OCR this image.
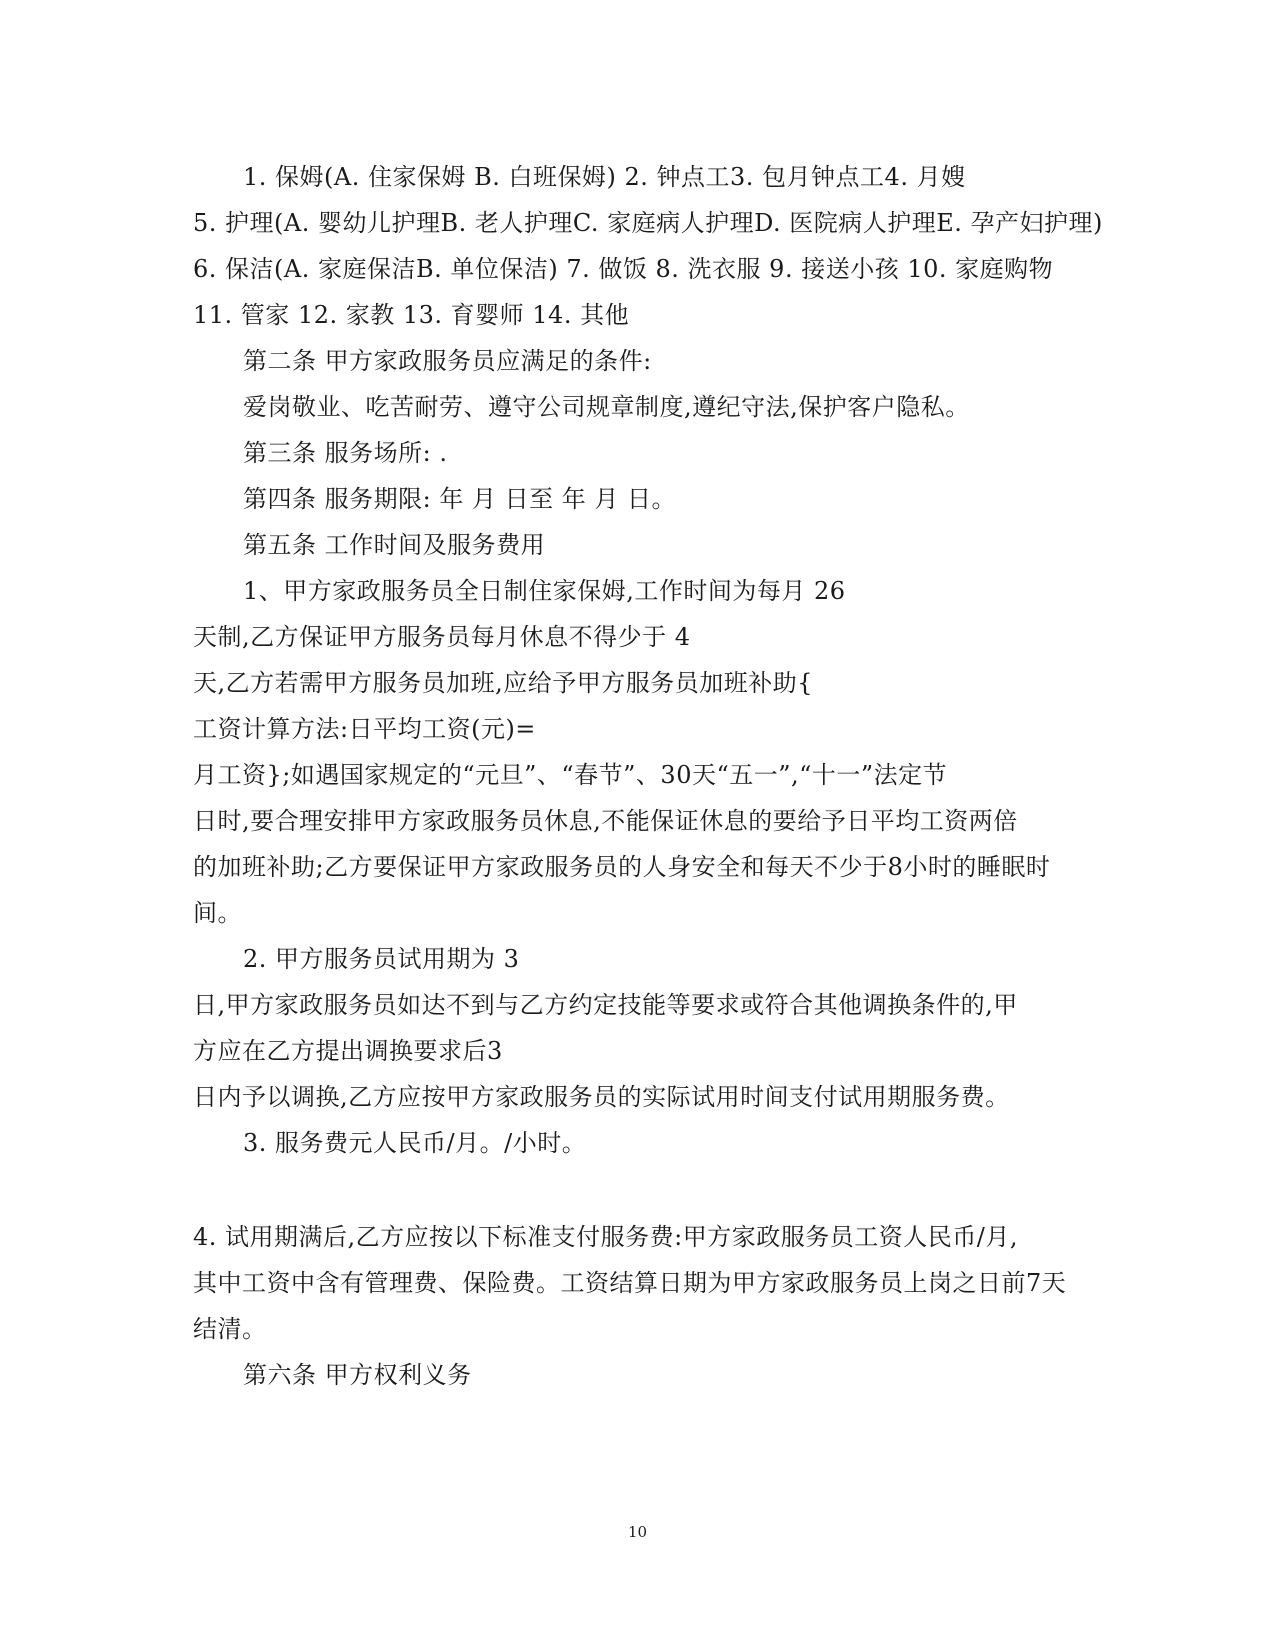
1. 保姆(A. 住家保姆 B. 白班保姆) 2. 钟点工3. 包月钟点工4. 月嫂
5. 护理(A. 婴幼儿护理B. 老人护理C. 家庭病人护理D. 医院病人护理E. 孕产妇护理)
6. 保洁(A. 家庭保洁B. 单位保洁) 7. 做饭 8. 洗衣服 9. 接送小孩 10. 家庭购物
11. 管家 12. 家教 13. 育婴师 14. 其他
第二条 甲方家政服务员应满足的条件:
爱岗敬业、吃苦耐劳、遵守公司规章制度,遵纪守法,保护客户隐私。
第三条 服务场所: .
第四条 服务期限: 年 月 日至 年 月 日。
第五条 工作时间及服务费用
1、甲方家政服务员全日制住家保姆,工作时间为每月 26
天制,乙方保证甲方服务员每月休息不得少于 4
天,乙方若需甲方服务员加班,应给予甲方服务员加班补助{
工资计算方法:日平均工资(元)=
月工资};如遇国家规定的“元旦”、“春节”、30天“五一”,“十一”法定节
日时,要合理安排甲方家政服务员休息,不能保证休息的要给予日平均工资两倍
的加班补助;乙方要保证甲方家政服务员的人身安全和每天不少于8小时的睡眠时
间。
2. 甲方服务员试用期为 3
日,甲方家政服务员如达不到与乙方约定技能等要求或符合其他调换条件的,甲
方应在乙方提出调换要求后3
日内予以调换,乙方应按甲方家政服务员的实际试用时间支付试用期服务费。
3. 服务费元人民币/月。/小时。
4. 试用期满后,乙方应按以下标准支付服务费:甲方家政服务员工资人民币/月,
其中工资中含有管理费、保险费。工资结算日期为甲方家政服务员上岗之日前7天
结清。
第六条 甲方权利义务
10
